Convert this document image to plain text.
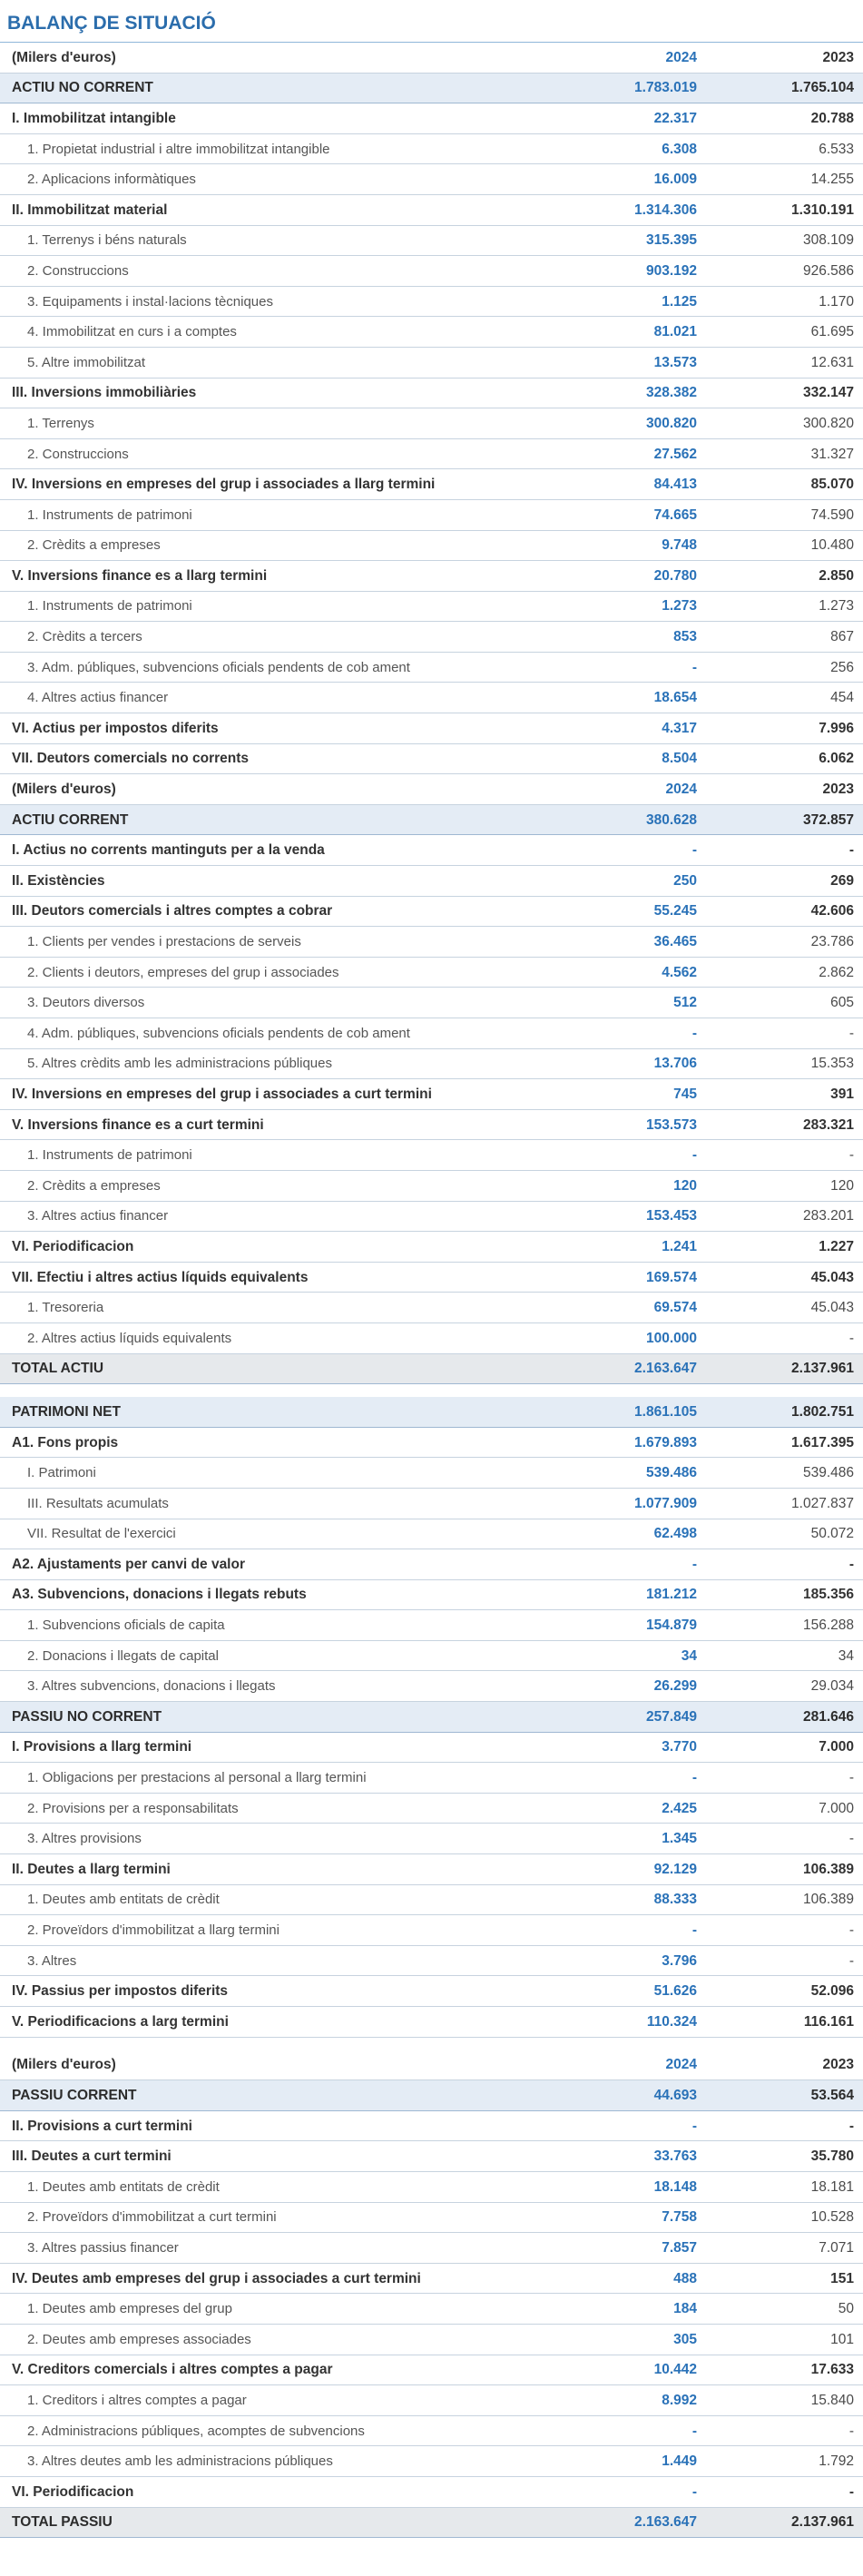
BALANÇ DE SITUACIÓ
(Milers d'euros)	2024	2023
ACTIU NO CORRENT	1.783.019	1.765.104
I. Immobilitzat intangible	22.317	20.788
1. Propietat industrial i altre immobilitzat intangible	6.308	6.533
2. Aplicacions informàtiques	16.009	14.255
II. Immobilitzat material	1.314.306	1.310.191
1. Terrenys i béns naturals	315.395	308.109
2. Construccions	903.192	926.586
3. Equipaments i instal·lacions tècniques	1.125	1.170
4. Immobilitzat en curs i a comptes	81.021	61.695
5. Altre immobilitzat	13.573	12.631
III. Inversions immobiliàries	328.382	332.147
1. Terrenys	300.820	300.820
2. Construccions	27.562	31.327
IV. Inversions en empreses del grup i associades a llarg termini	84.413	85.070
1. Instruments de patrimoni	74.665	74.590
2. Crèdits a empreses	9.748	10.480
V. Inversions finance es a llarg termini	20.780	2.850
1. Instruments de patrimoni	1.273	1.273
2. Crèdits a tercers	853	867
3. Adm. públiques, subvencions oficials pendents de cob ament	-	256
4. Altres actius financer	18.654	454
VI. Actius per impostos diferits	4.317	7.996
VII. Deutors comercials no corrents	8.504	6.062
(Milers d'euros)	2024	2023
ACTIU CORRENT	380.628	372.857
I. Actius no corrents mantinguts per a la venda	-	-
II. Existències	250	269
III. Deutors comercials i altres comptes a cobrar	55.245	42.606
1. Clients per vendes i prestacions de serveis	36.465	23.786
2. Clients i deutors, empreses del grup i associades	4.562	2.862
3. Deutors diversos	512	605
4. Adm. públiques, subvencions oficials pendents de cob ament	-	-
5. Altres crèdits amb les administracions públiques	13.706	15.353
IV. Inversions en empreses del grup i associades a curt termini	745	391
V. Inversions finance es a curt termini	153.573	283.321
1. Instruments de patrimoni	-	-
2. Crèdits a empreses	120	120
3. Altres actius financer	153.453	283.201
VI. Periodificacion	1.241	1.227
VII. Efectiu i altres actius líquids equivalents	169.574	45.043
1. Tresoreria	69.574	45.043
2. Altres actius líquids equivalents	100.000	-
TOTAL ACTIU	2.163.647	2.137.961

PATRIMONI NET	1.861.105	1.802.751
A1. Fons propis	1.679.893	1.617.395
I. Patrimoni	539.486	539.486
III. Resultats acumulats	1.077.909	1.027.837
VII. Resultat de l'exercici	62.498	50.072
A2. Ajustaments per canvi de valor	-	-
A3. Subvencions, donacions i llegats rebuts	181.212	185.356
1. Subvencions oficials de capita	154.879	156.288
2. Donacions i llegats de capital	34	34
3. Altres subvencions, donacions i llegats	26.299	29.034
PASSIU NO CORRENT	257.849	281.646
I. Provisions a llarg termini	3.770	7.000
1. Obligacions per prestacions al personal a llarg termini	-	-
2. Provisions per a responsabilitats	2.425	7.000
3. Altres provisions	1.345	-
II. Deutes a llarg termini	92.129	106.389
1. Deutes amb entitats de crèdit	88.333	106.389
2. Proveïdors d'immobilitzat a llarg termini	-	-
3. Altres	3.796	-
IV. Passius per impostos diferits	51.626	52.096
V. Periodificacions a larg termini	110.324	116.161

(Milers d'euros)	2024	2023
PASSIU CORRENT	44.693	53.564
II. Provisions a curt termini	-	-
III. Deutes a curt termini	33.763	35.780
1. Deutes amb entitats de crèdit	18.148	18.181
2. Proveïdors d'immobilitzat a curt termini	7.758	10.528
3. Altres passius financer	7.857	7.071
IV. Deutes amb empreses del grup i associades a curt termini	488	151
1. Deutes amb empreses del grup	184	50
2. Deutes amb empreses associades	305	101
V. Creditors comercials i altres comptes a pagar	10.442	17.633
1. Creditors i altres comptes a pagar	8.992	15.840
2. Administracions públiques, acomptes de subvencions	-	-
3. Altres deutes amb les administracions públiques	1.449	1.792
VI. Periodificacion	-	-
TOTAL PASSIU	2.163.647	2.137.961
